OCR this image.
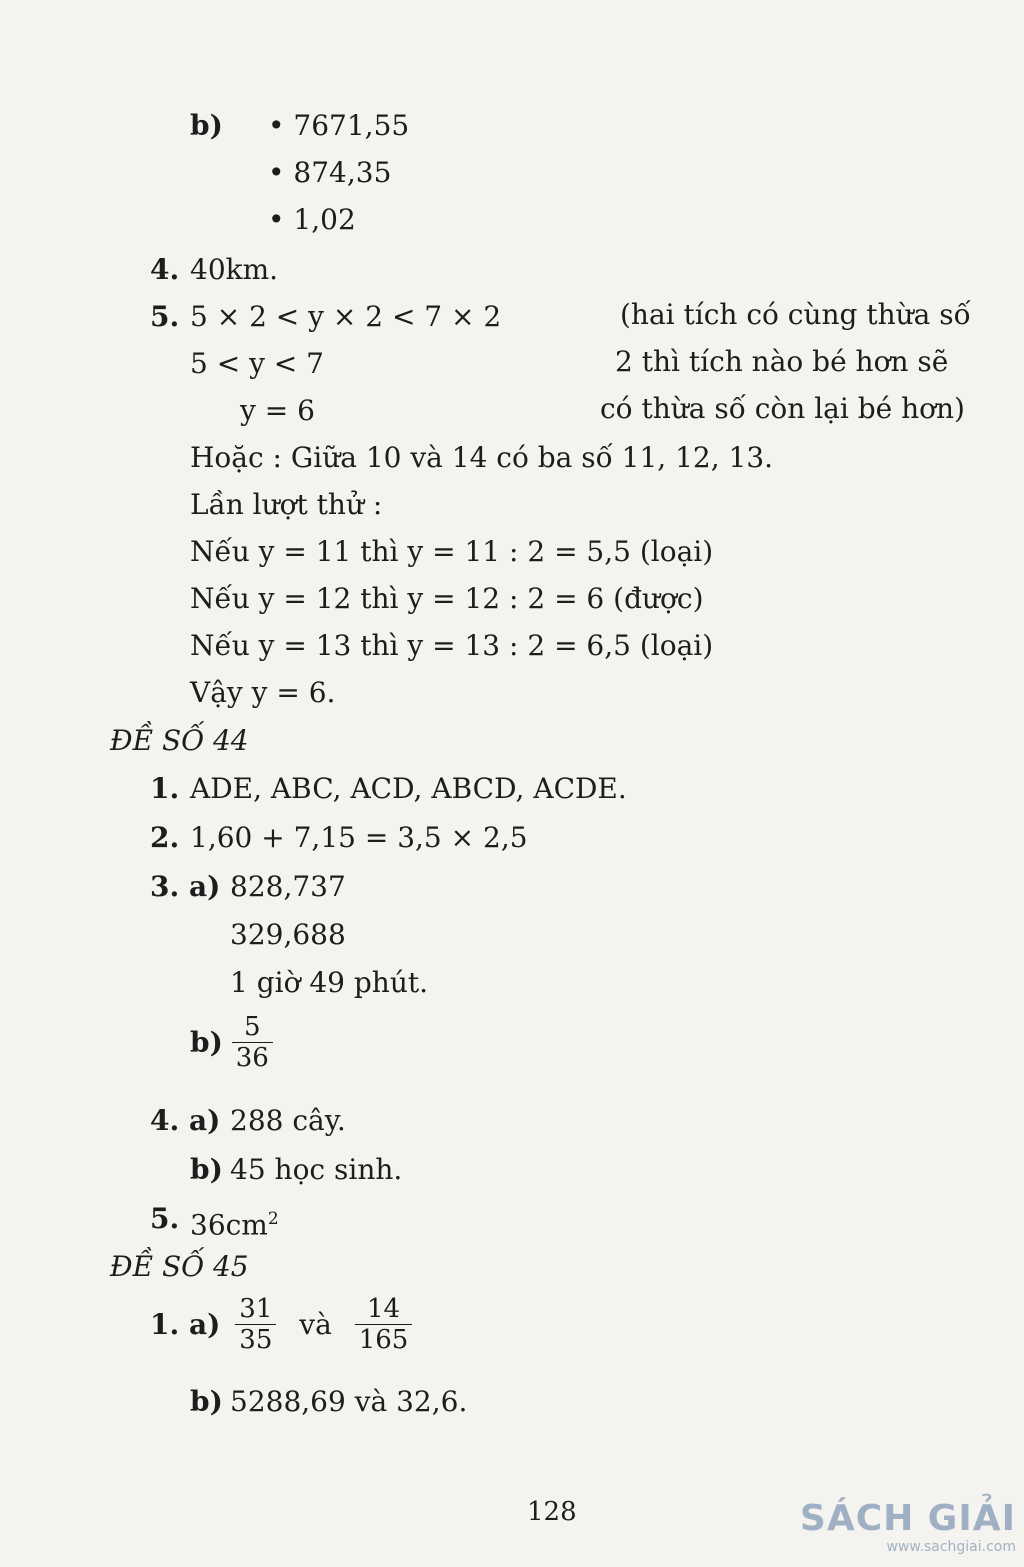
b) • 7671,55
• 874,35
• 1,02
4. 40km.
5. 5 × 2 < y × 2 < 7 × 2
5 < y < 7
y = 6
(hai tích có cùng thừa số
2 thì tích nào bé hơn sẽ
có thừa số còn lại bé hơn)
Hoặc : Giữa 10 và 14 có ba số 11, 12, 13.
Lần lượt thử :
Nếu y = 11 thì y = 11 : 2 = 5,5 (loại)
Nếu y = 12 thì y = 12 : 2 = 6 (được)
Nếu y = 13 thì y = 13 : 2 = 6,5 (loại)
Vậy y = 6.
ĐỀ SỐ 44
1. ADE, ABC, ACD, ABCD, ACDE.
2. 1,60 + 7,15 = 3,5 × 2,5
3. a) 828,737
329,688
1 giờ 49 phút.
$b) \frac{5}{36}$
4. a) 288 cây.
b) 45 học sinh.
5. $36cm^2$
ĐỀ SỐ 45
1. $a) \frac{31}{35}$ và $\frac{14}{165}$
b) 5288,69 và 32,6.
128	SÁCH GIẢI
www.sachgiai.com
